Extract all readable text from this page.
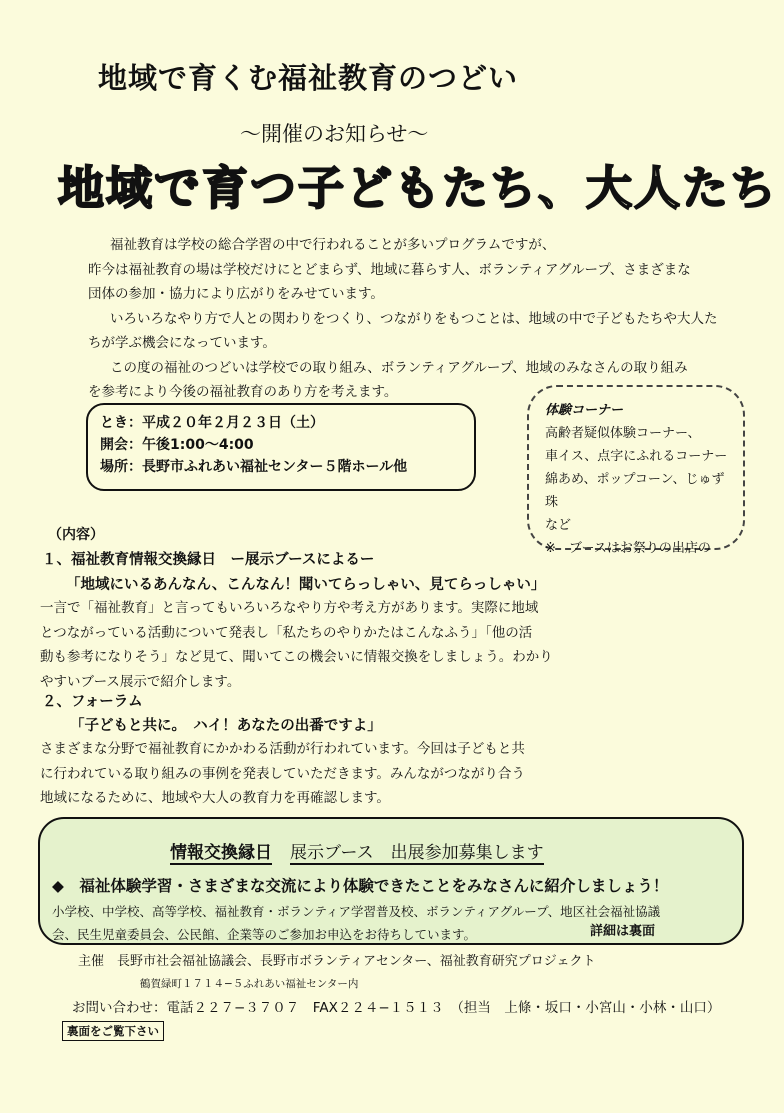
地域で育くむ福祉教育のつどい
〜開催のお知らせ〜
地域で育つ子どもたち、大人たち
福祉教育は学校の総合学習の中で行われることが多いプログラムですが、
昨今は福祉教育の場は学校だけにとどまらず、地域に暮らす人、ボランティアグループ、さまざまな
団体の参加・協力により広がりをみせています。
いろいろなやり方で人との関わりをつくり、つながりをもつことは、地域の中で子どもたちや大人た
ちが学ぶ機会になっています。
この度の福祉のつどいは学校での取り組み、ボランティアグループ、地域のみなさんの取り組み
を参考により今後の福祉教育のあり方を考えます。
とき：平成２０年２月２３日（土）
開会：午後1:00〜4:00
場所：長野市ふれあい福祉センター５階ホール他
体験コーナー
高齢者疑似体験コーナー、
車イス、点字にふれるコーナー
綿あめ、ポップコーン、じゅず珠
など
※　ブースはお祭りの出店の
（内容）
１、福祉教育情報交換縁日　ー展示ブースによるー
「地域にいるあんなん、こんなん！聞いてらっしゃい、見てらっしゃい」
一言で「福祉教育」と言ってもいろいろなやり方や考え方があります。実際に地域
とつながっている活動について発表し「私たちのやりかたはこんなふう」「他の活
動も参考になりそう」など見て、聞いてこの機会いに情報交換をしましょう。わかり
やすいブース展示で紹介します。
２、フォーラム
「子どもと共に。　ハイ！あなたの出番ですよ」
さまざまな分野で福祉教育にかかわる活動が行われています。今回は子どもと共
に行われている取り組みの事例を発表していただきます。みんながつながり合う
地域になるために、地域や大人の教育力を再確認します。
情報交換縁日 展示ブース　出展参加募集します
◆　福祉体験学習・さまざまな交流により体験できたことをみなさんに紹介しましょう！
小学校、中学校、高等学校、福祉教育・ボランティア学習普及校、ボランティアグループ、地区社会福祉協議
会、民生児童委員会、公民館、企業等のご参加お申込をお待ちしています。	詳細は裏面
主催　長野市社会福祉協議会、長野市ボランティアセンター、福祉教育研究プロジェクト
鶴賀緑町１７１４−５ふれあい福祉センター内
お問い合わせ：電話２２７−３７０７　FAX２２４−１５１３　（担当　上條・坂口・小宮山・小林・山口）
裏面をご覧下さい
